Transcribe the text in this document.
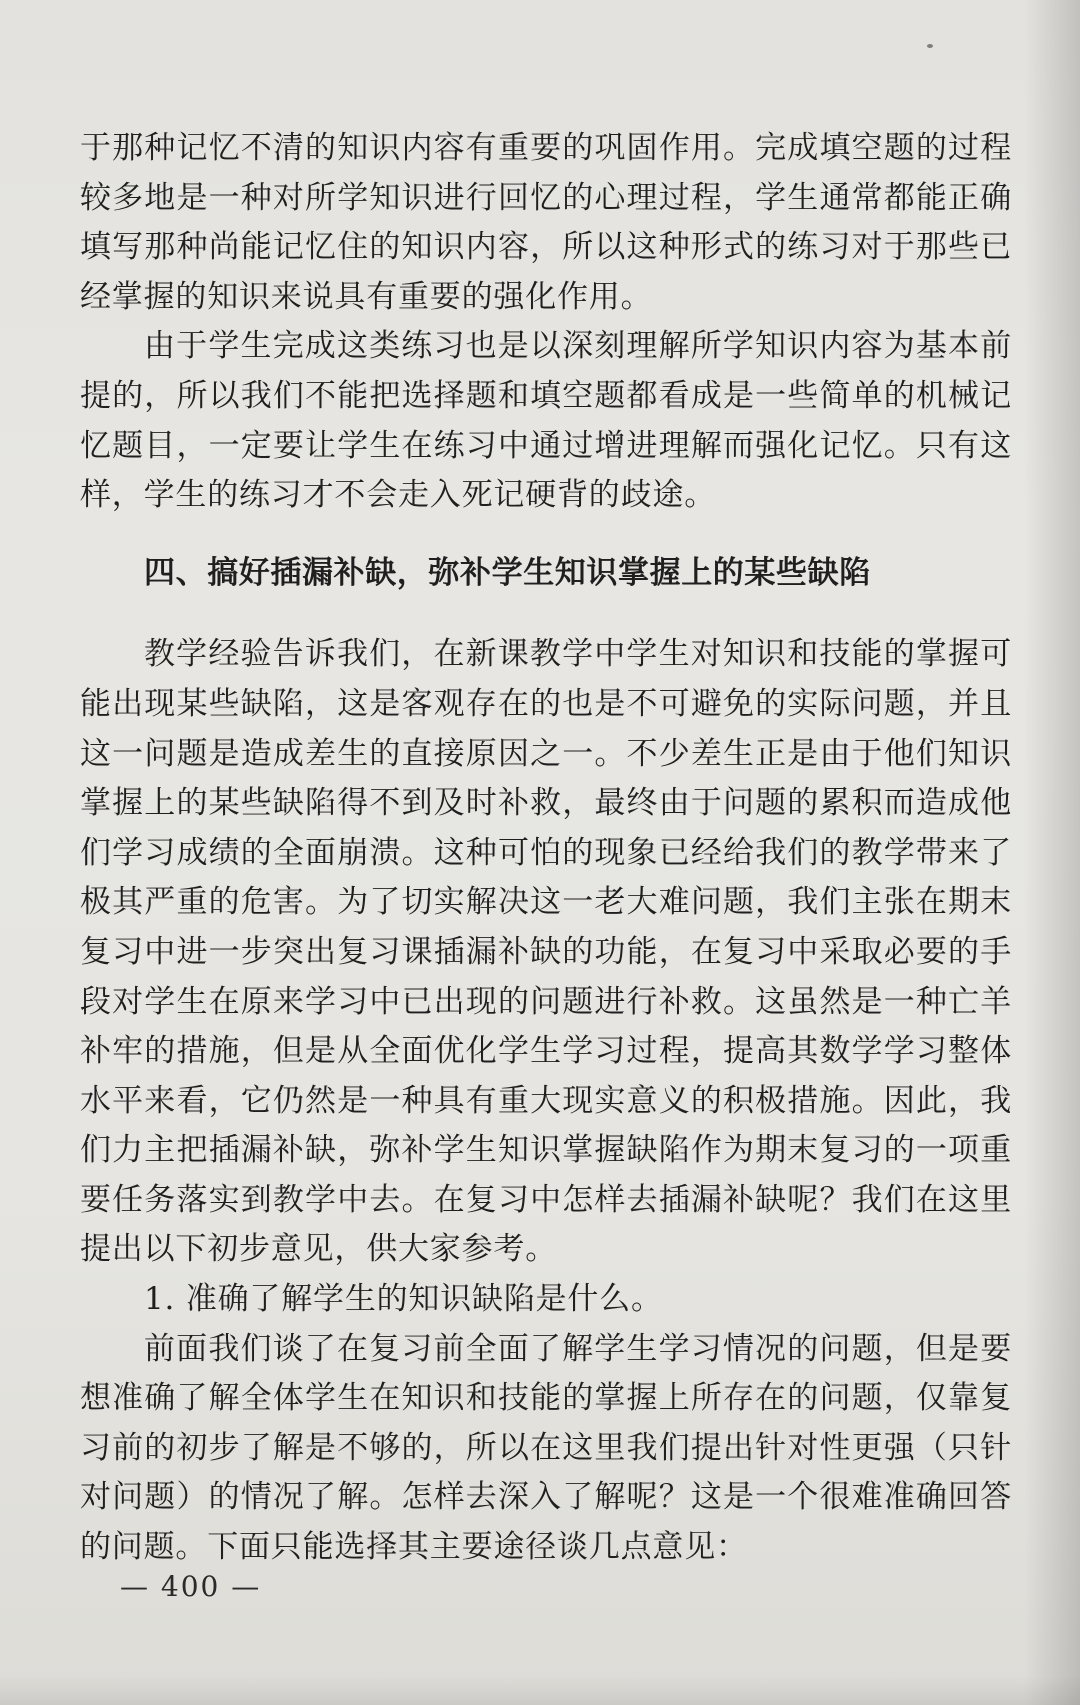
于那种记忆不清的知识内容有重要的巩固作用。完成填空题的过程较多地是一种对所学知识进行回忆的心理过程，学生通常都能正确填写那种尚能记忆住的知识内容，所以这种形式的练习对于那些已经掌握的知识来说具有重要的强化作用。

由于学生完成这类练习也是以深刻理解所学知识内容为基本前提的，所以我们不能把选择题和填空题都看成是一些简单的机械记忆题目，一定要让学生在练习中通过增进理解而强化记忆。只有这样，学生的练习才不会走入死记硬背的歧途。

四、搞好插漏补缺，弥补学生知识掌握上的某些缺陷

教学经验告诉我们，在新课教学中学生对知识和技能的掌握可能出现某些缺陷，这是客观存在的也是不可避免的实际问题，并且这一问题是造成差生的直接原因之一。不少差生正是由于他们知识掌握上的某些缺陷得不到及时补救，最终由于问题的累积而造成他们学习成绩的全面崩溃。这种可怕的现象已经给我们的教学带来了极其严重的危害。为了切实解决这一老大难问题，我们主张在期末复习中进一步突出复习课插漏补缺的功能，在复习中采取必要的手段对学生在原来学习中已出现的问题进行补救。这虽然是一种亡羊补牢的措施，但是从全面优化学生学习过程，提高其数学学习整体水平来看，它仍然是一种具有重大现实意义的积极措施。因此，我们力主把插漏补缺，弥补学生知识掌握缺陷作为期末复习的一项重要任务落实到教学中去。在复习中怎样去插漏补缺呢？我们在这里提出以下初步意见，供大家参考。

1. 准确了解学生的知识缺陷是什么。

前面我们谈了在复习前全面了解学生学习情况的问题，但是要想准确了解全体学生在知识和技能的掌握上所存在的问题，仅靠复习前的初步了解是不够的，所以在这里我们提出针对性更强（只针对问题）的情况了解。怎样去深入了解呢？这是一个很难准确回答的问题。下面只能选择其主要途径谈几点意见：

— 400 —
